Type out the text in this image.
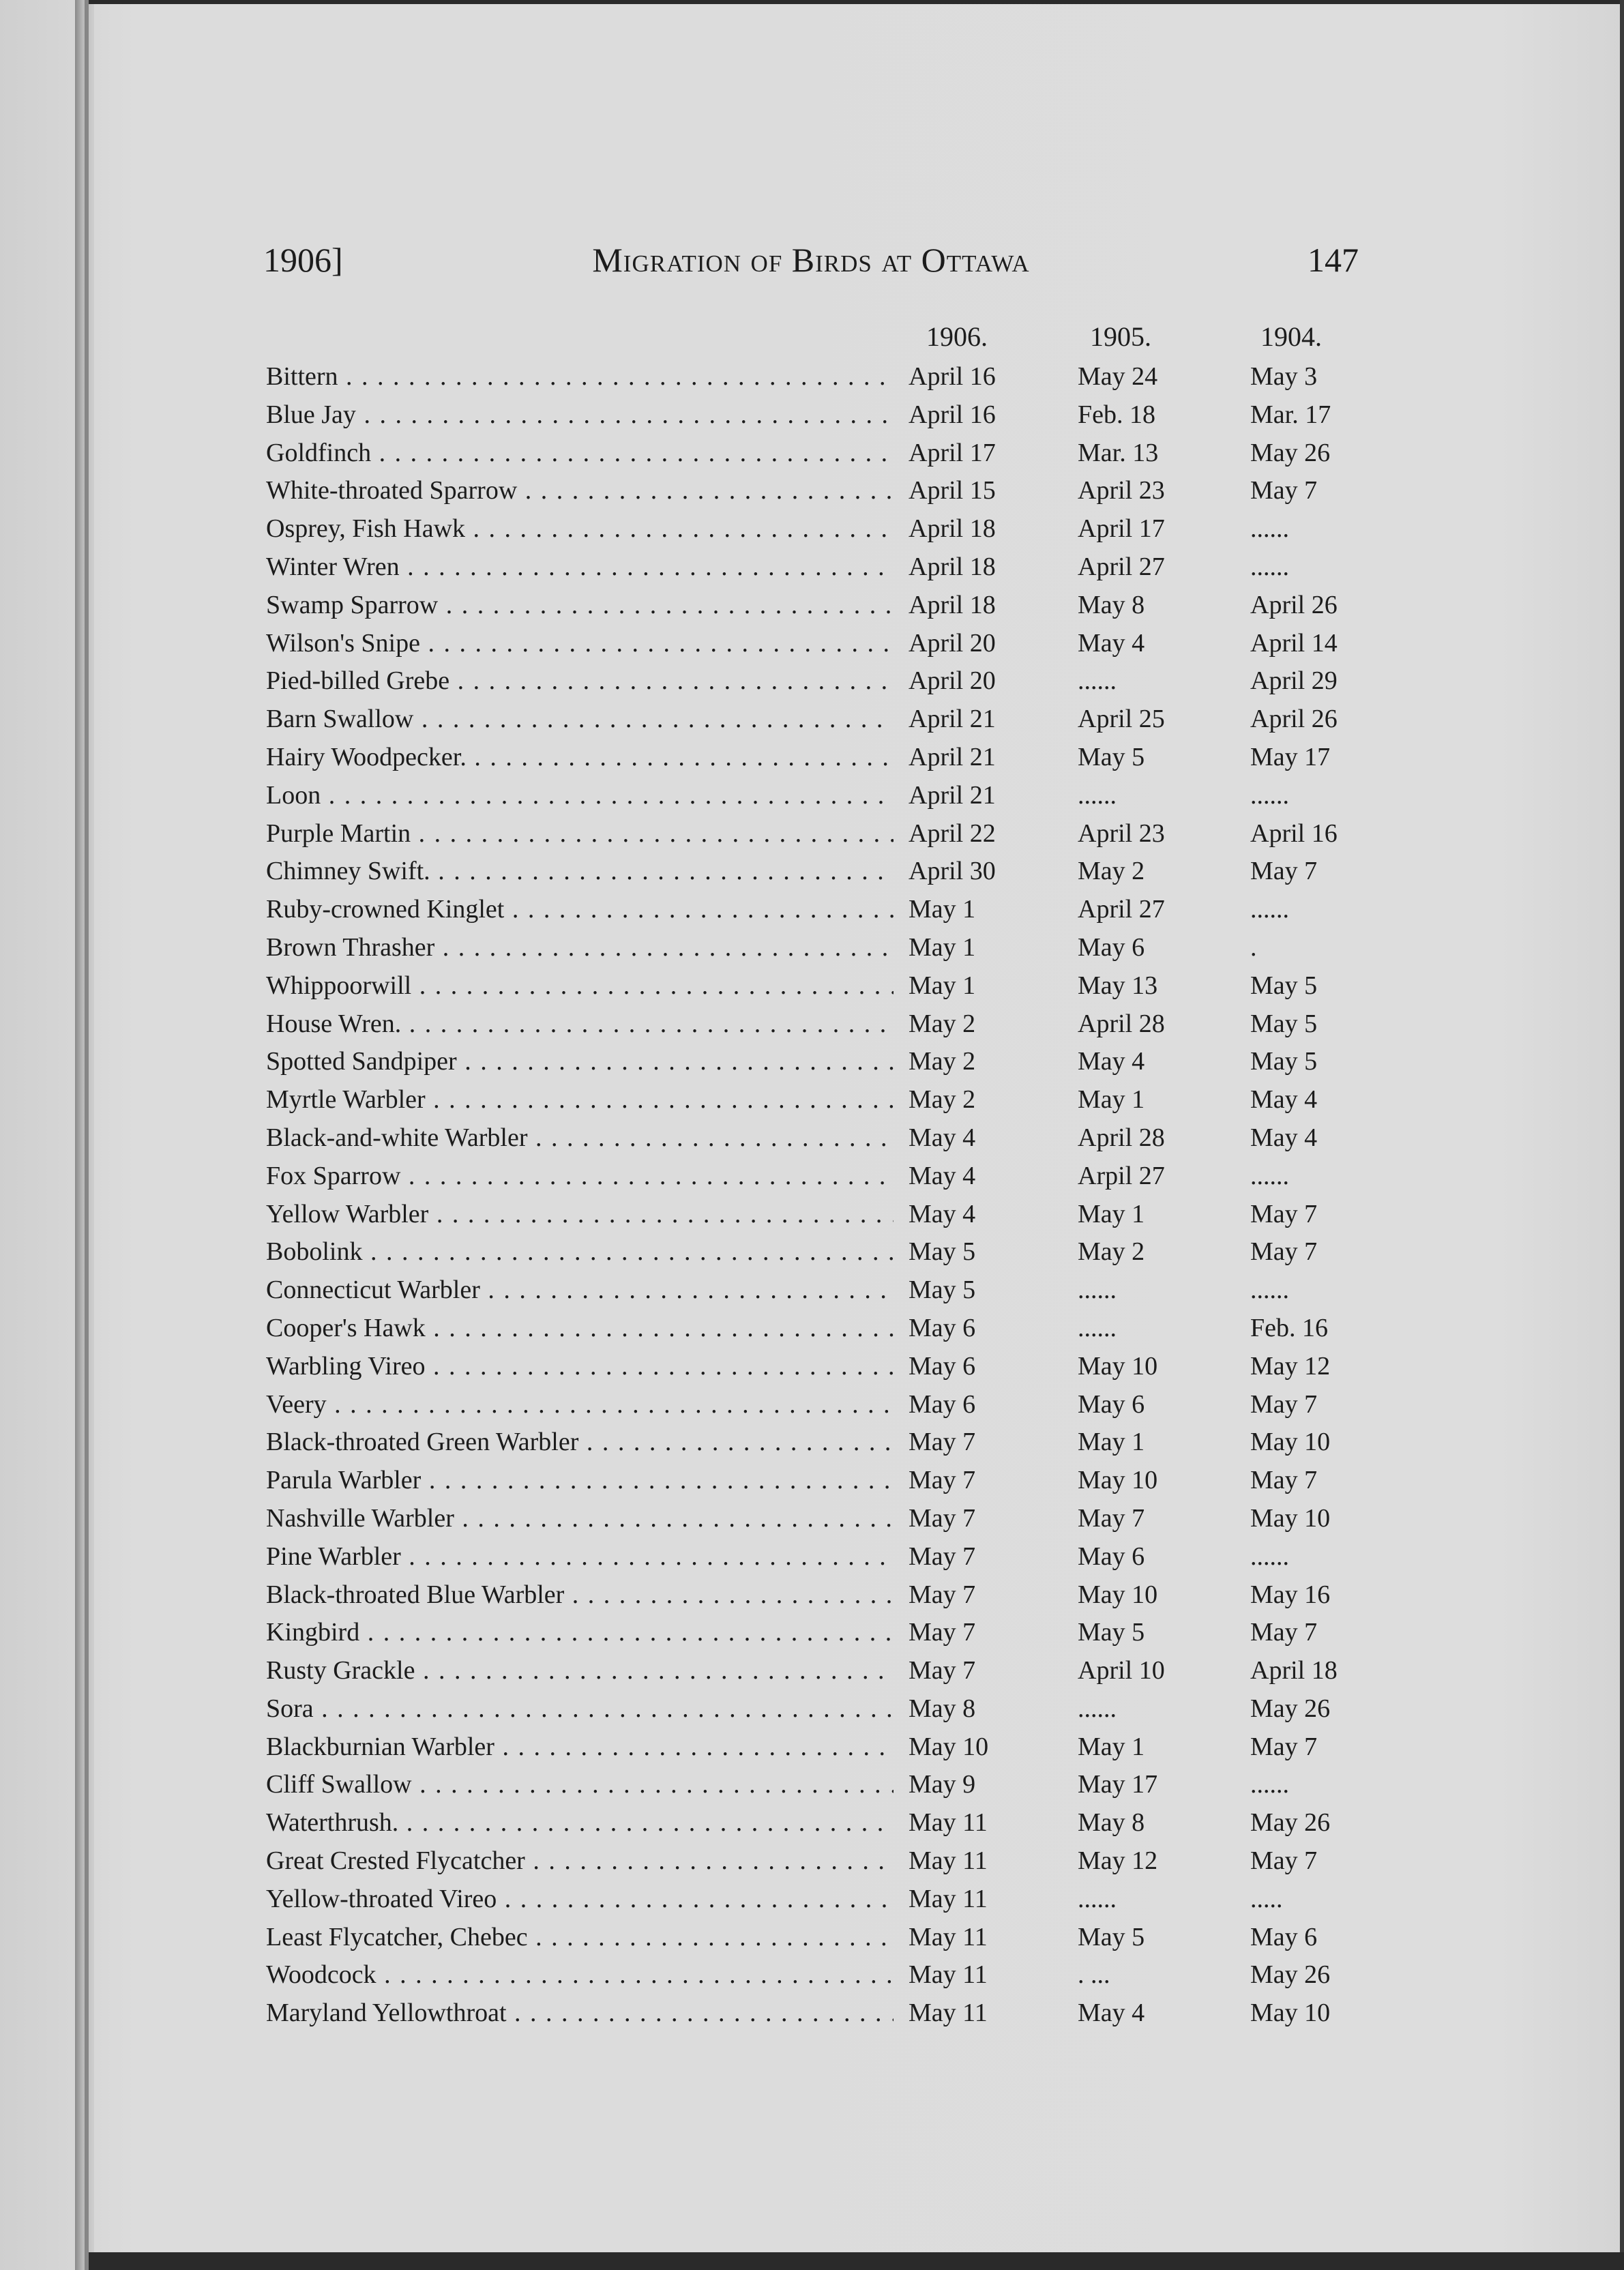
1906]	Migration of Birds at Ottawa	147
1906.	1905.	1904.
Bittern . . .	April 16	May 24	May 3
Blue Jay . . .	April 16	Feb. 18	Mar. 17
Goldfinch . . .	April 17	Mar. 13	May 26
White-throated Sparrow . . .	April 15	April 23	May 7
Osprey, Fish Hawk . . .	April 18	April 17	......
Winter Wren . . .	April 18	April 27	......
Swamp Sparrow . . .	April 18	May 8	April 26
Wilson's Snipe . . .	April 20	May 4	April 14
Pied-billed Grebe . . .	April 20	......	April 29
Barn Swallow . . .	April 21	April 25	April 26
Hairy Woodpecker. . . .	April 21	May 5	May 17
Loon . . .	April 21	......	......
Purple Martin . . .	April 22	April 23	April 16
Chimney Swift. . . .	April 30	May 2	May 7
Ruby-crowned Kinglet . . .	May 1	April 27	......
Brown Thrasher . . .	May 1	May 6	.
Whippoorwill . . .	May 1	May 13	May 5
House Wren. . . .	May 2	April 28	May 5
Spotted Sandpiper . . .	May 2	May 4	May 5
Myrtle Warbler . . .	May 2	May 1	May 4
Black-and-white Warbler . . .	May 4	April 28	May 4
Fox Sparrow . . .	May 4	Arpil 27	......
Yellow Warbler . . .	May 4	May 1	May 7
Bobolink . . .	May 5	May 2	May 7
Connecticut Warbler . . .	May 5	......	......
Cooper's Hawk . . .	May 6	......	Feb. 16
Warbling Vireo . . .	May 6	May 10	May 12
Veery . . .	May 6	May 6	May 7
Black-throated Green Warbler . . .	May 7	May 1	May 10
Parula Warbler . . .	May 7	May 10	May 7
Nashville Warbler . . .	May 7	May 7	May 10
Pine Warbler . . .	May 7	May 6	......
Black-throated Blue Warbler . . .	May 7	May 10	May 16
Kingbird . . .	May 7	May 5	May 7
Rusty Grackle . . .	May 7	April 10	April 18
Sora . . .	May 8	......	May 26
Blackburnian Warbler . . .	May 10	May 1	May 7
Cliff Swallow . . .	May 9	May 17	......
Waterthrush. . . .	May 11	May 8	May 26
Great Crested Flycatcher . . .	May 11	May 12	May 7
Yellow-throated Vireo . . .	May 11	......	.....
Least Flycatcher, Chebec . . .	May 11	May 5	May 6
Woodcock . . .	May 11	. ...	May 26
Maryland Yellowthroat . . .	May 11	May 4	May 10
